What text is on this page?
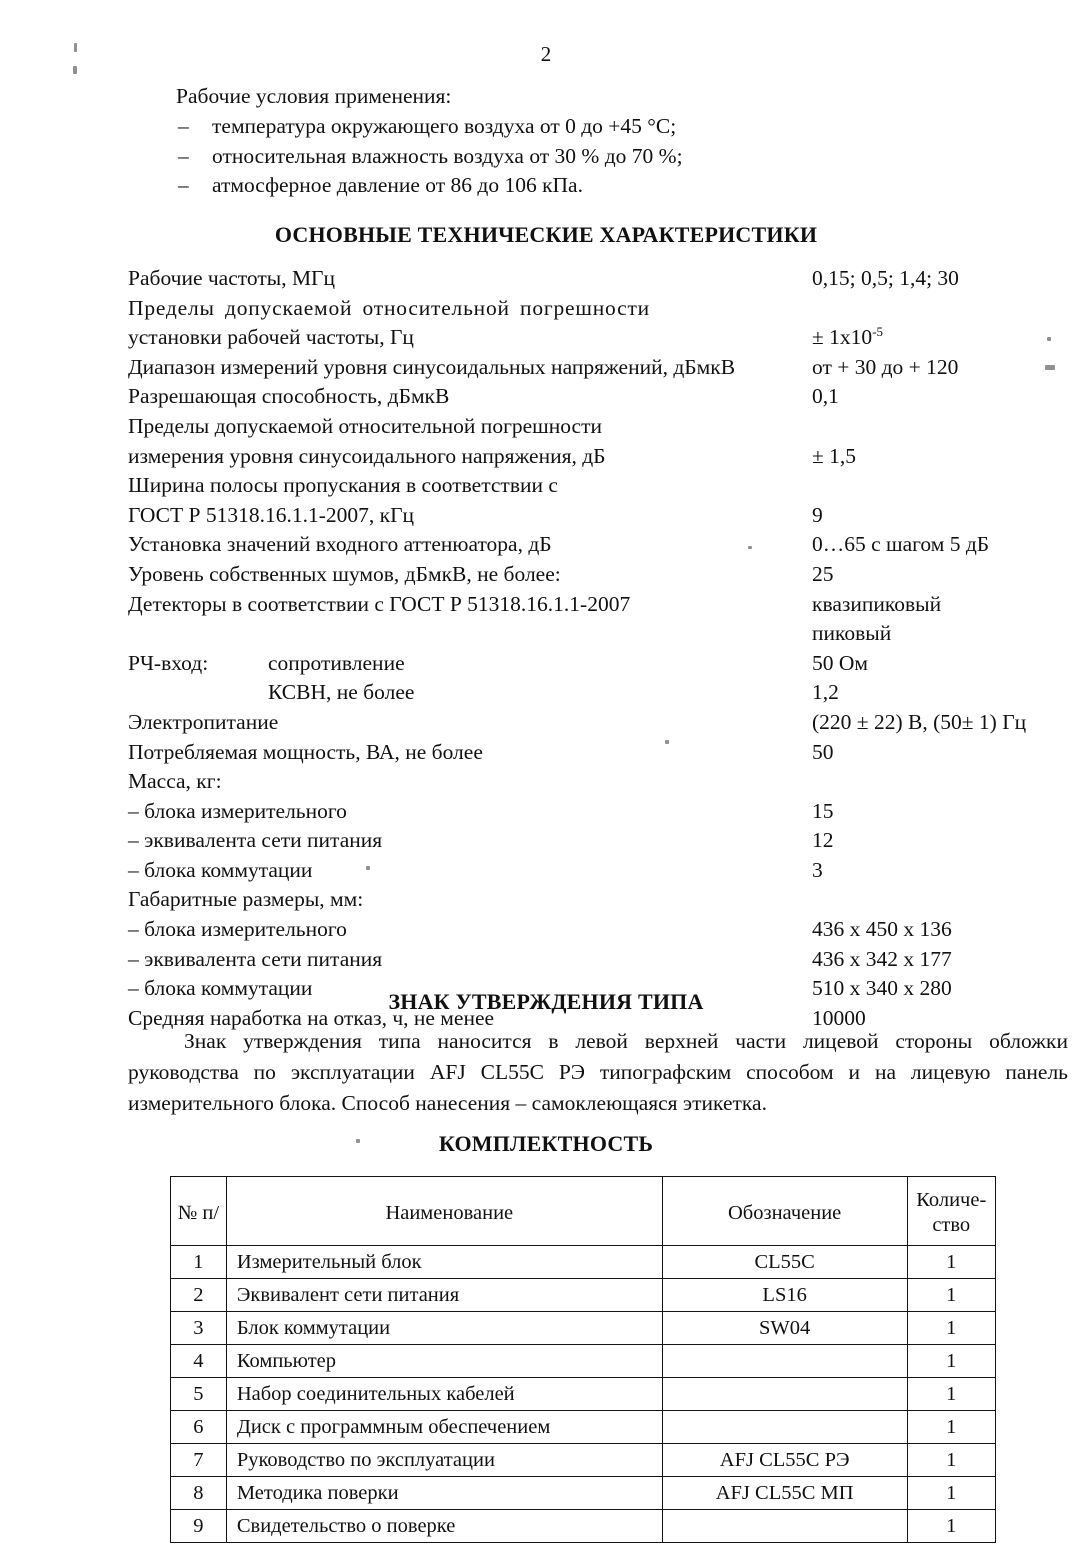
2
Рабочие условия применения:
– температура окружающего воздуха от 0 до +45 °C;
– относительная влажность воздуха от 30 % до 70 %;
– атмосферное давление от 86 до 106 кПа.
ОСНОВНЫЕ ТЕХНИЧЕСКИЕ ХАРАКТЕРИСТИКИ
Рабочие частоты, МГц	0,15; 0,5; 1,4; 30
Пределы допускаемой относительной погрешности
установки рабочей частоты, Гц	± $1x10^{-5}$
Диапазон измерений уровня синусоидальных напряжений, дБмкВ	от + 30 до + 120
Разрешающая способность, дБмкВ	0,1
Пределы допускаемой относительной погрешности
измерения уровня синусоидального напряжения, дБ	± 1,5
Ширина полосы пропускания в соответствии с
ГОСТ Р 51318.16.1.1-2007, кГц	9
Установка значений входного аттенюатора, дБ	0…65 с шагом 5 дБ
Уровень собственных шумов, дБмкВ, не более:	25
Детекторы в соответствии с ГОСТ Р 51318.16.1.1-2007	квазипиковый
пиковый
РЧ-вход:	сопротивление	50 Ом
КСВН, не более	1,2
Электропитание	(220 ± 22) В, (50± 1) Гц
Потребляемая мощность, ВА, не более	50
Масса, кг:
– блока измерительного	15
– эквивалента сети питания	12
– блока коммутации	3
Габаритные размеры, мм:
– блока измерительного	436 x 450 x 136
– эквивалента сети питания	436 x 342 x 177
– блока коммутации	510 x 340 x 280
Средняя наработка на отказ, ч, не менее	10000
ЗНАК УТВЕРЖДЕНИЯ ТИПА
Знак утверждения типа наносится в левой верхней части лицевой стороны обложки руководства по эксплуатации AFJ CL55C РЭ типографским способом и на лицевую панель измерительного блока. Способ нанесения – самоклеющаяся этикетка.
КОМПЛЕКТНОСТЬ
№ п/	Наименование	Обозначение	Количе-
ство
1	Измерительный блок	CL55C	1
2	Эквивалент сети питания	LS16	1
3	Блок коммутации	SW04	1
4	Компьютер		1
5	Набор соединительных кабелей		1
6	Диск с программным обеспечением		1
7	Руководство по эксплуатации	AFJ CL55C РЭ	1
8	Методика поверки	AFJ CL55C МП	1
9	Свидетельство о поверке		1
